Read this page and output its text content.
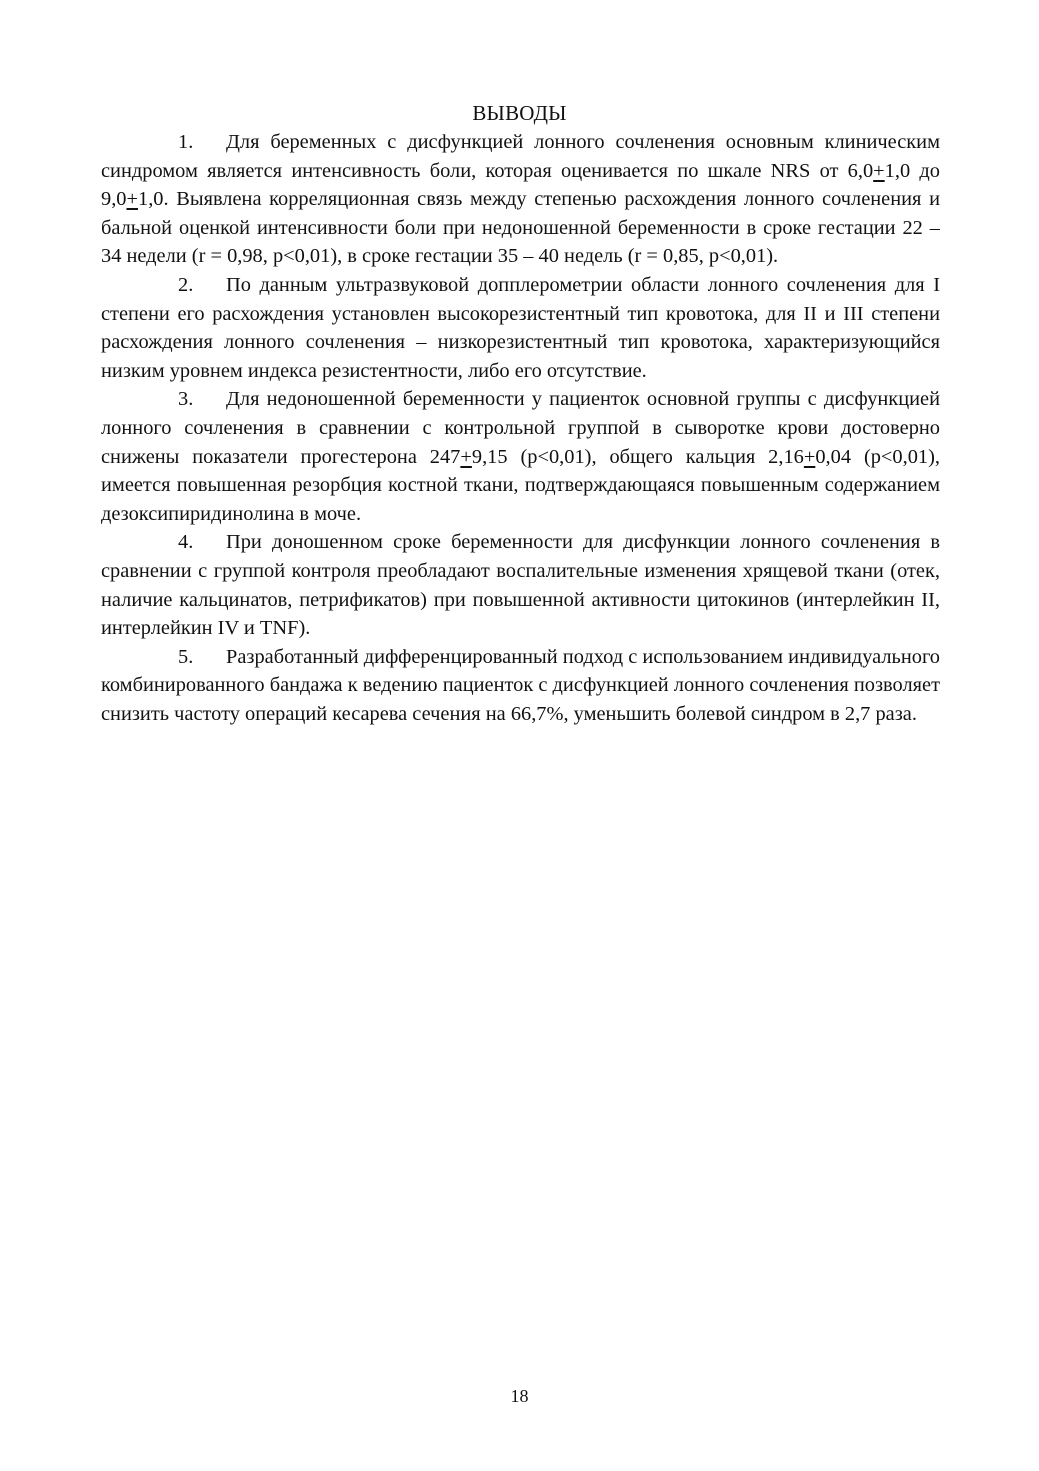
ВЫВОДЫ

1. Для беременных с дисфункцией лонного сочленения основным клиническим синдромом является интенсивность боли, которая оценивается по шкале NRS от 6,0+1,0 до 9,0+1,0. Выявлена корреляционная связь между степенью расхождения лонного сочленения и бальной оценкой интенсивности боли при недоношенной беременности в сроке гестации 22 – 34 недели (r = 0,98, р<0,01), в сроке гестации 35 – 40 недель (r = 0,85, р<0,01).

2. По данным ультразвуковой допплерометрии области лонного сочленения для I степени его расхождения установлен высокорезистентный тип кровотока, для II и III степени расхождения лонного сочленения – низкорезистентный тип кровотока, характеризующийся низким уровнем индекса резистентности, либо его отсутствие.

3. Для недоношенной беременности у пациенток основной группы с дисфункцией лонного сочленения в сравнении с контрольной группой в сыворотке крови достоверно снижены показатели прогестерона 247+9,15 (р<0,01), общего кальция 2,16+0,04 (р<0,01), имеется повышенная резорбция костной ткани, подтверждающаяся повышенным содержанием дезоксипиридинолина в моче.

4. При доношенном сроке беременности для дисфункции лонного сочленения в сравнении с группой контроля преобладают воспалительные изменения хрящевой ткани (отек, наличие кальцинатов, петрификатов) при повышенной активности цитокинов (интерлейкин II, интерлейкин IV и TNF).

5. Разработанный дифференцированный подход с использованием индивидуального комбинированного бандажа к ведению пациенток с дисфункцией лонного сочленения позволяет снизить частоту операций кесарева сечения на 66,7%, уменьшить болевой синдром в 2,7 раза.

18
